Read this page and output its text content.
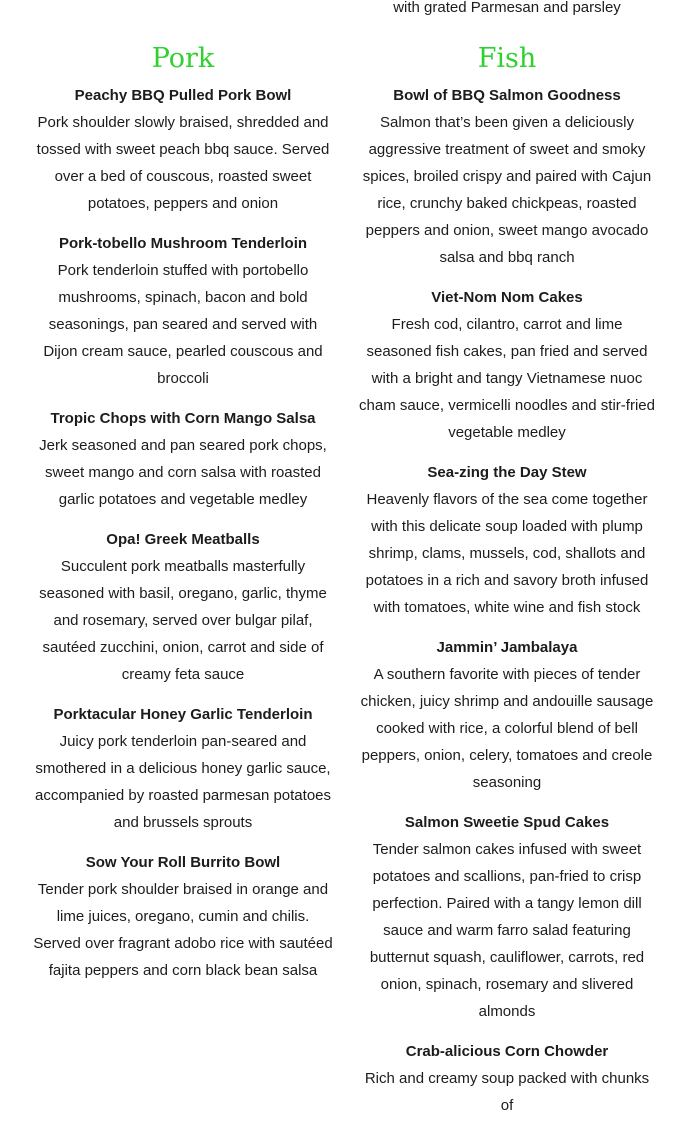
with grated Parmesan and parsley
Pork
Peachy BBQ Pulled Pork Bowl
Pork shoulder slowly braised, shredded and tossed with sweet peach bbq sauce. Served over a bed of couscous, roasted sweet potatoes, peppers and onion
Pork-tobello Mushroom Tenderloin
Pork tenderloin stuffed with portobello mushrooms, spinach, bacon and bold seasonings, pan seared and served with Dijon cream sauce, pearled couscous and broccoli
Tropic Chops with Corn Mango Salsa
Jerk seasoned and pan seared pork chops, sweet mango and corn salsa with roasted garlic potatoes and vegetable medley
Opa! Greek Meatballs
Succulent pork meatballs masterfully seasoned with basil, oregano, garlic, thyme and rosemary, served over bulgar pilaf, sautéed zucchini, onion, carrot and side of creamy feta sauce
Porktacular Honey Garlic Tenderloin
Juicy pork tenderloin pan-seared and smothered in a delicious honey garlic sauce, accompanied by roasted parmesan potatoes and brussels sprouts
Sow Your Roll Burrito Bowl
Tender pork shoulder braised in orange and lime juices, oregano, cumin and chilis. Served over fragrant adobo rice with sautéed fajita peppers and corn black bean salsa
Fish
Bowl of BBQ Salmon Goodness
Salmon that’s been given a deliciously aggressive treatment of sweet and smoky spices, broiled crispy and paired with Cajun rice, crunchy baked chickpeas, roasted peppers and onion, sweet mango avocado salsa and bbq ranch
Viet-Nom Nom Cakes
Fresh cod, cilantro, carrot and lime seasoned fish cakes, pan fried and served with a bright and tangy Vietnamese nuoc cham sauce, vermicelli noodles and stir-fried vegetable medley
Sea-zing the Day Stew
Heavenly flavors of the sea come together with this delicate soup loaded with plump shrimp, clams, mussels, cod, shallots and potatoes in a rich and savory broth infused with tomatoes, white wine and fish stock
Jammin’ Jambalaya
A southern favorite with pieces of tender chicken, juicy shrimp and andouille sausage cooked with rice, a colorful blend of bell peppers, onion, celery, tomatoes and creole seasoning
Salmon Sweetie Spud Cakes
Tender salmon cakes infused with sweet potatoes and scallions, pan-fried to crisp perfection. Paired with a tangy lemon dill sauce and warm farro salad featuring butternut squash, cauliflower, carrots, red onion, spinach, rosemary and slivered almonds
Crab-alicious Corn Chowder
Rich and creamy soup packed with chunks of
